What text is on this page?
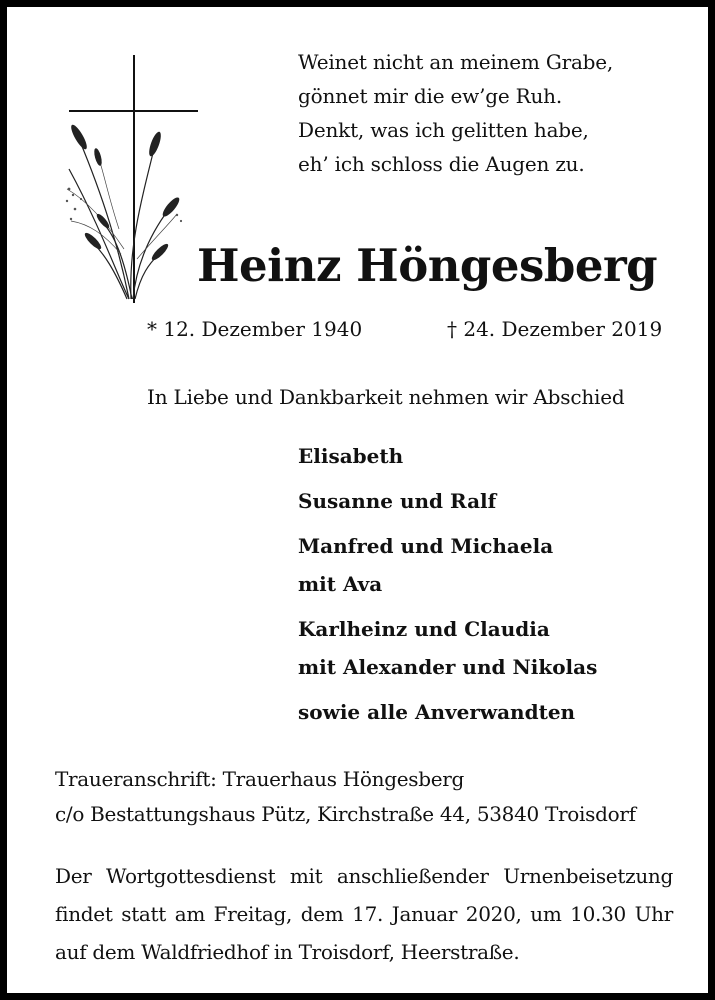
Weinet nicht an meinem Grabe,
gönnet mir die ew’ge Ruh.
Denkt, was ich gelitten habe,
eh’ ich schloss die Augen zu.
Heinz Höngesberg
* 12. Dezember 1940	† 24. Dezember 2019
In Liebe und Dankbarkeit nehmen wir Abschied
Elisabeth
Susanne und Ralf
Manfred und Michaela
mit Ava
Karlheinz und Claudia
mit Alexander und Nikolas
sowie alle Anverwandten
Traueranschrift: Trauerhaus Höngesberg
c/o Bestattungshaus Pütz, Kirchstraße 44, 53840 Troisdorf
Der Wortgottesdienst mit anschließender Urnenbeisetzung
findet statt am Freitag, dem 17. Januar 2020, um 10.30 Uhr
auf dem Waldfriedhof in Troisdorf, Heerstraße.
